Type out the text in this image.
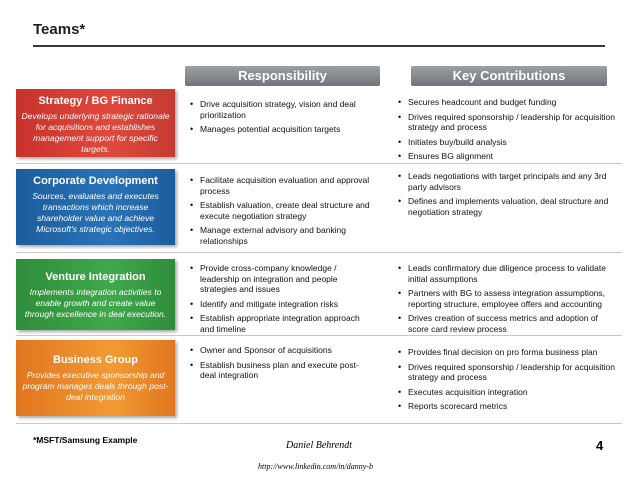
Teams*
Responsibility	Key Contributions
Strategy / BG Finance
Develops underlying strategic rationale for acquisitions and establishes management support for specific targets.
Corporate Development
Sources, evaluates and executes transactions which increase shareholder value and achieve Microsoft's strategic objectives.
Venture Integration
Implements integration activities to enable growth and create value through excellence in deal execution.
Business Group
Provides executive sponsorship and program manages deals through post-deal integration
• Drive acquisition strategy, vision and deal prioritization
• Manages potential acquisition targets
• Secures headcount and budget funding
• Drives required sponsorship / leadership for acquisition strategy and process
• Initiates buy/build analysis
• Ensures BG alignment
• Facilitate acquisition evaluation and approval process
• Establish valuation, create deal structure and execute negotiation strategy
• Manage external advisory and banking relationships
• Leads negotiations with target principals and any 3rd party advisors
• Defines and implements valuation, deal structure and negotiation strategy
• Provide cross-company knowledge / leadership on integration and people strategies and issues
• Identify and mitigate integration risks
• Establish appropriate integration approach and timeline
• Leads confirmatory due diligence process to validate initial assumptions
• Partners with BG to assess integration assumptions, reporting structure, employee offers and accounting
• Drives creation of success metrics and adoption of score card review process
• Owner and Sponsor of acquisitions
• Establish business plan and execute post-deal integration
• Provides final decision on pro forma business plan
• Drives required sponsorship / leadership for acquisition strategy and process
• Executes acquisition integration
• Reports scorecard metrics
*MSFT/Samsung Example	Daniel Behrendt
http://www.linkedin.com/in/danny-b
4
